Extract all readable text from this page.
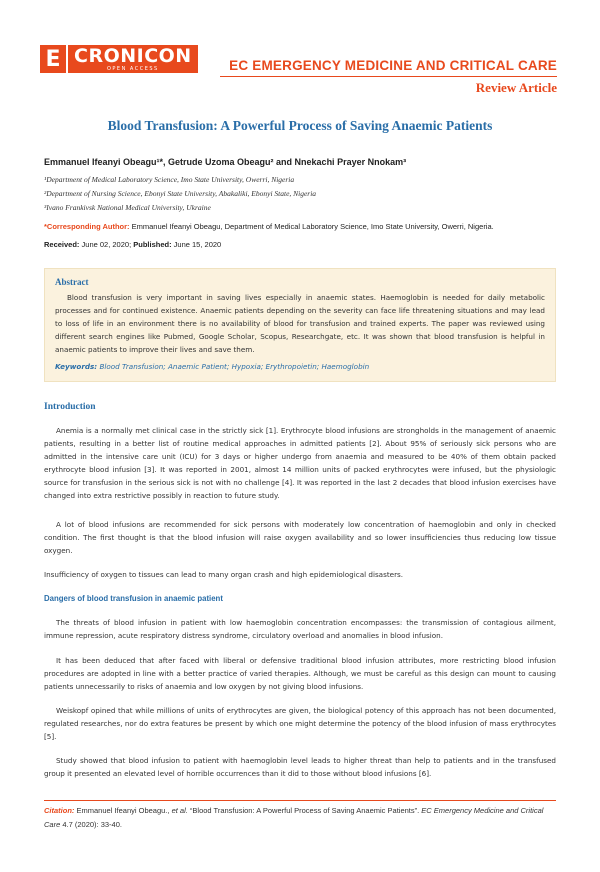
E CRONICON
OPEN ACCESS	EC EMERGENCY MEDICINE AND CRITICAL CARE
Review Article
Blood Transfusion: A Powerful Process of Saving Anaemic Patients
Emmanuel Ifeanyi Obeagu¹*, Getrude Uzoma Obeagu² and Nnekachi Prayer Nnokam³
¹Department of Medical Laboratory Science, Imo State University, Owerri, Nigeria
²Department of Nursing Science, Ebonyi State University, Abakaliki, Ebonyi State, Nigeria
³Ivano Frankivsk National Medical University, Ukraine
*Corresponding Author: Emmanuel Ifeanyi Obeagu, Department of Medical Laboratory Science, Imo State University, Owerri, Nigeria.
Received: June 02, 2020; Published: June 15, 2020
Abstract
Blood transfusion is very important in saving lives especially in anaemic states. Haemoglobin is needed for daily metabolic processes and for continued existence. Anaemic patients depending on the severity can face life threatening situations and may lead to loss of life in an environment there is no availability of blood for transfusion and trained experts. The paper was reviewed using different search engines like Pubmed, Google Scholar, Scopus, Researchgate, etc. It was shown that blood transfusion is helpful in anaemic patients to improve their lives and save them.
Keywords: Blood Transfusion; Anaemic Patient; Hypoxia; Erythropoietin; Haemoglobin
Introduction
Anemia is a normally met clinical case in the strictly sick [1]. Erythrocyte blood infusions are strongholds in the management of anaemic patients, resulting in a better list of routine medical approaches in admitted patients [2]. About 95% of seriously sick persons who are admitted in the intensive care unit (ICU) for 3 days or higher undergo from anaemia and measured to be 40% of them obtain packed erythrocyte blood infusion [3]. It was reported in 2001, almost 14 million units of packed erythrocytes were infused, but the physiologic source for transfusion in the serious sick is not with no challenge [4]. It was reported in the last 2 decades that blood infusion exercises have changed into extra restrictive possibly in reaction to future study.
A lot of blood infusions are recommended for sick persons with moderately low concentration of haemoglobin and only in checked condition. The first thought is that the blood infusion will raise oxygen availability and so lower insufficiencies thus reducing low tissue oxygen.
Insufficiency of oxygen to tissues can lead to many organ crash and high epidemiological disasters.
Dangers of blood transfusion in anaemic patient
The threats of blood infusion in patient with low haemoglobin concentration encompasses: the transmission of contagious ailment, immune repression, acute respiratory distress syndrome, circulatory overload and anomalies in blood infusion.
It has been deduced that after faced with liberal or defensive traditional blood infusion attributes, more restricting blood infusion procedures are adopted in line with a better practice of varied therapies. Although, we must be careful as this design can mount to causing patients unnecessarily to risks of anaemia and low oxygen by not giving blood infusions.
Weiskopf opined that while millions of units of erythrocytes are given, the biological potency of this approach has not been documented, regulated researches, nor do extra features be present by which one might determine the potency of the blood infusion of mass erythrocytes [5].
Study showed that blood infusion to patient with haemoglobin level leads to higher threat than help to patients and in the transfused group it presented an elevated level of horrible occurrences than it did to those without blood infusions [6].
Citation: Emmanuel Ifeanyi Obeagu., et al. “Blood Transfusion: A Powerful Process of Saving Anaemic Patients”. EC Emergency Medicine and Critical Care 4.7 (2020): 33-40.
